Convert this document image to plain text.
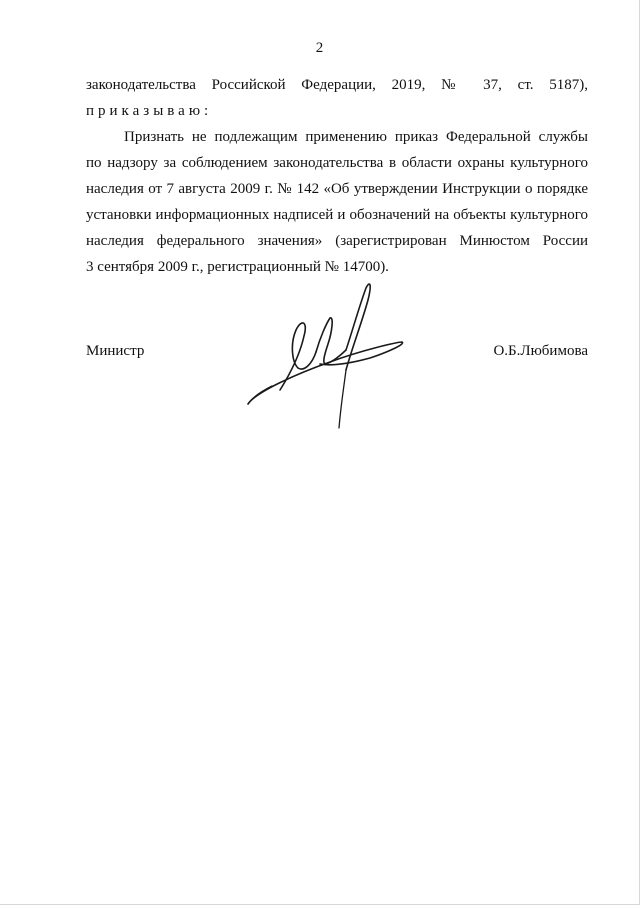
2
законодательства Российской Федерации, 2019, № 37, ст. 5187),
приказываю:
Признать не подлежащим применению приказ Федеральной службы
по надзору за соблюдением законодательства в области охраны культурного
наследия от 7 августа 2009 г. № 142 «Об утверждении Инструкции о порядке
установки информационных надписей и обозначений на объекты культурного
наследия федерального значения» (зарегистрирован Минюстом России
3 сентября 2009 г., регистрационный № 14700).
Министр	О.Б.Любимова
